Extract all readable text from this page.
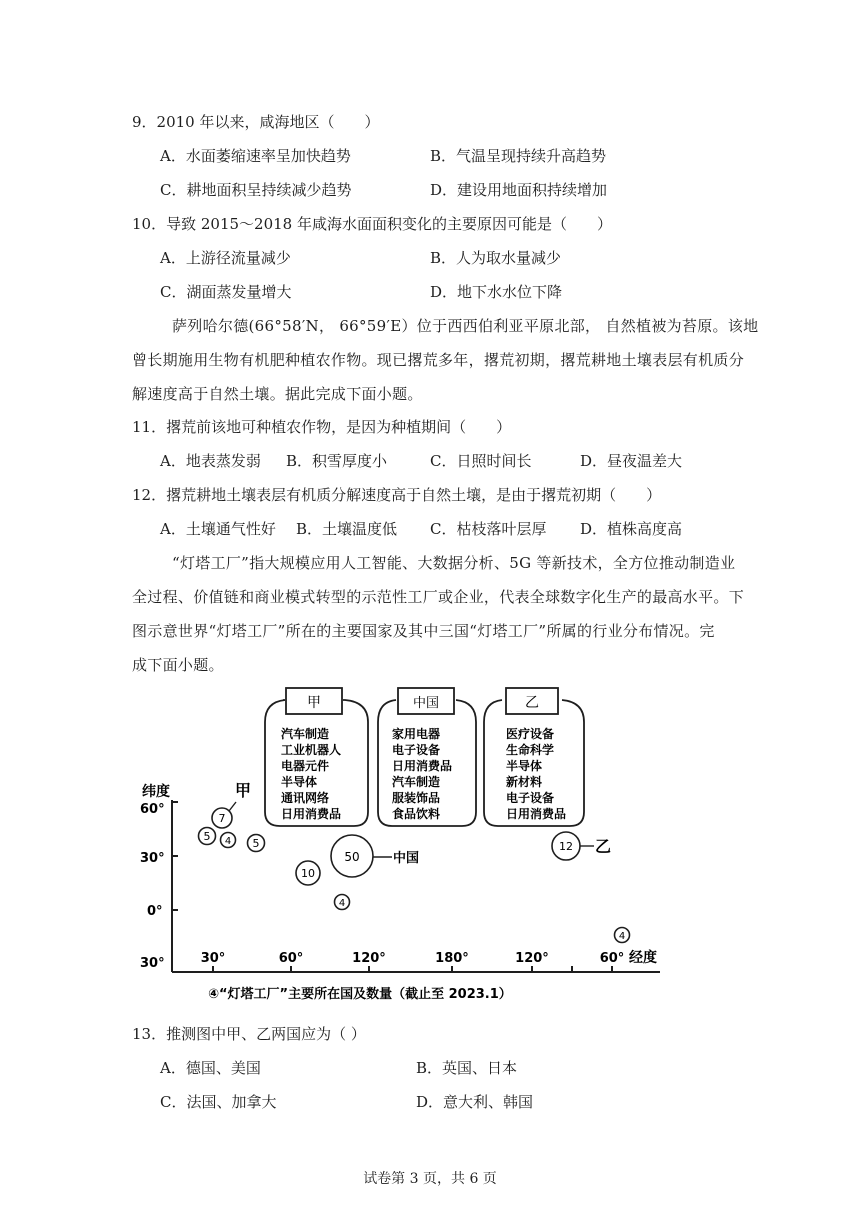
9．2010 年以来，咸海地区（　　）
A．水面萎缩速率呈加快趋势	B．气温呈现持续升高趋势
C．耕地面积呈持续减少趋势	D．建设用地面积持续增加
10．导致 2015～2018 年咸海水面面积变化的主要原因可能是（　　）
A．上游径流量减少	B．人为取水量减少
C．湖面蒸发量增大	D．地下水水位下降
萨列哈尔德(66°58′N， 66°59′E）位于西西伯利亚平原北部， 自然植被为苔原。该地
曾长期施用生物有机肥种植农作物。现已撂荒多年，撂荒初期，撂荒耕地土壤表层有机质分
解速度高于自然土壤。据此完成下面小题。
11．撂荒前该地可种植农作物，是因为种植期间（　　）
A．地表蒸发弱 B．积雪厚度小	C．日照时间长	D．昼夜温差大
12．撂荒耕地土壤表层有机质分解速度高于自然土壤，是由于撂荒初期（　　）
A．土壤通气性好 B．土壤温度低 C．枯枝落叶层厚 D．植株高度高
“灯塔工厂”指大规模应用人工智能、大数据分析、5G 等新技术，全方位推动制造业
全过程、价值链和商业模式转型的示范性工厂或企业，代表全球数字化生产的最高水平。下
图示意世界“灯塔工厂”所在的主要国家及其中三国“灯塔工厂”所属的行业分布情况。完
成下面小题。
甲
汽车制造
工业机器人
电器元件
半导体
通讯网络
日用消费品
中国
家用电器
电子设备
日用消费品
汽车制造
服装饰品
食品饮料
乙
医疗设备
生命科学
半导体
新材料
电子设备
日用消费品
纬度
经度
60°
30°
0°
30°	30°	60°	120°	180°	120°	60°
7
甲
5 4 5
50	中国
10
4
12 乙
4
④“灯塔工厂”主要所在国及数量（截止至 2023.1）
13．推测图中甲、乙两国应为（ ）
A．德国、美国	B．英国、日本
C．法国、加拿大	D．意大利、韩国
试卷第 3 页，共 6 页
